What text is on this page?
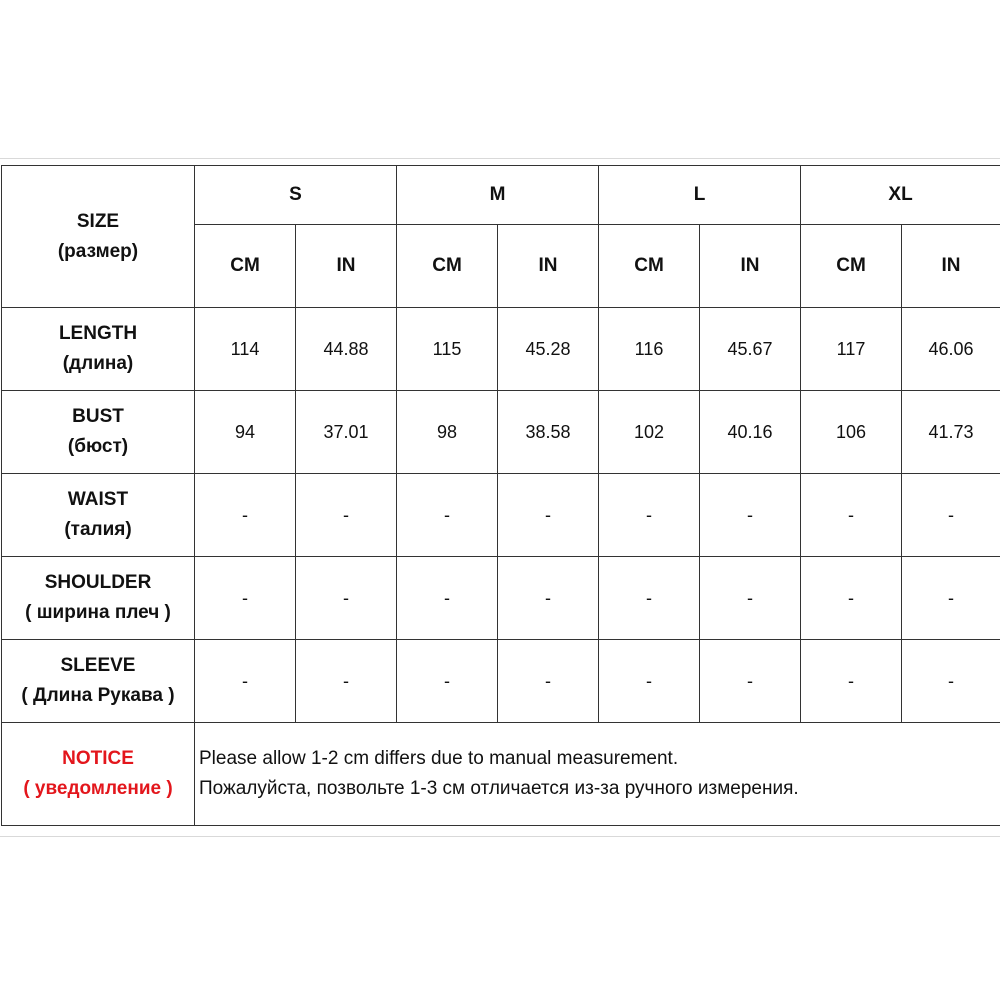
SIZE
(размер)	S		M		L		XL	
	CM	IN	CM	IN	CM	IN	CM	IN

LENGTH
(длина)	114	44.88	115	45.28	116	45.67	117	46.06

BUST
(бюст)	94	37.01	98	38.58	102	40.16	106	41.73

WAIST
(талия)	-	-	-	-	-	-	-	-

SHOULDER
( ширина плеч )	-	-	-	-	-	-	-	-

SLEEVE
( Длина Рукава )	-	-	-	-	-	-	-	-

NOTICE
( уведомление )	Please allow 1-2 cm differs due to manual measurement.
Пожалуйста, позвольте 1-3 см отличается из-за ручного измерения.							
